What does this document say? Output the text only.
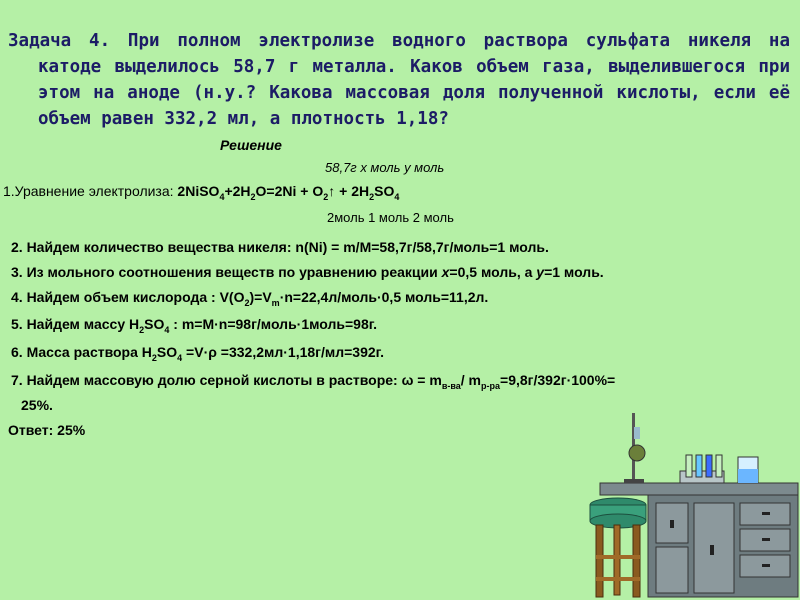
Задача 4. При полном электролизе водного раствора сульфата никеля на
катоде выделилось 58,7 г металла. Каков объем газа, выделившегося при
этом на аноде (н.у.? Какова массовая доля полученной кислоты, если её
объем равен 332,2 мл, а плотность 1,18?
Решение
58,7г x моль y моль
1.Уравнение электролиза: $2NiSO_4+2H_2O=2Ni$ + $O_2↑ + 2H_2SO_4$
2моль 1 моль 2 моль
2. Найдем количество вещества никеля: n(Ni) = m/M=58,7г/58,7г/моль=1 моль.
3. Из мольного соотношения веществ по уравнению реакции x=0,5 моль, а y=1 моль.
4. Найдем объем кислорода : $V(O_2)=V_m\cdot n=22,4л/моль\cdot 0,5$ моль=11,2л.
5. Найдем массу $H_2SO_4$ : m=M·n=98г/моль·1моль=98г.
6. Масса раствора $H_2SO_4 =V\cdot\rho =332,2мл\cdot 1,18г/мл=392г$.
7. Найдем массовую долю серной кислоты в растворе: $\omega = m_{в-ва}/$ $m_{р-ра}=9,8г/392г\cdot 100\%=$
25%.
Ответ: 25%
